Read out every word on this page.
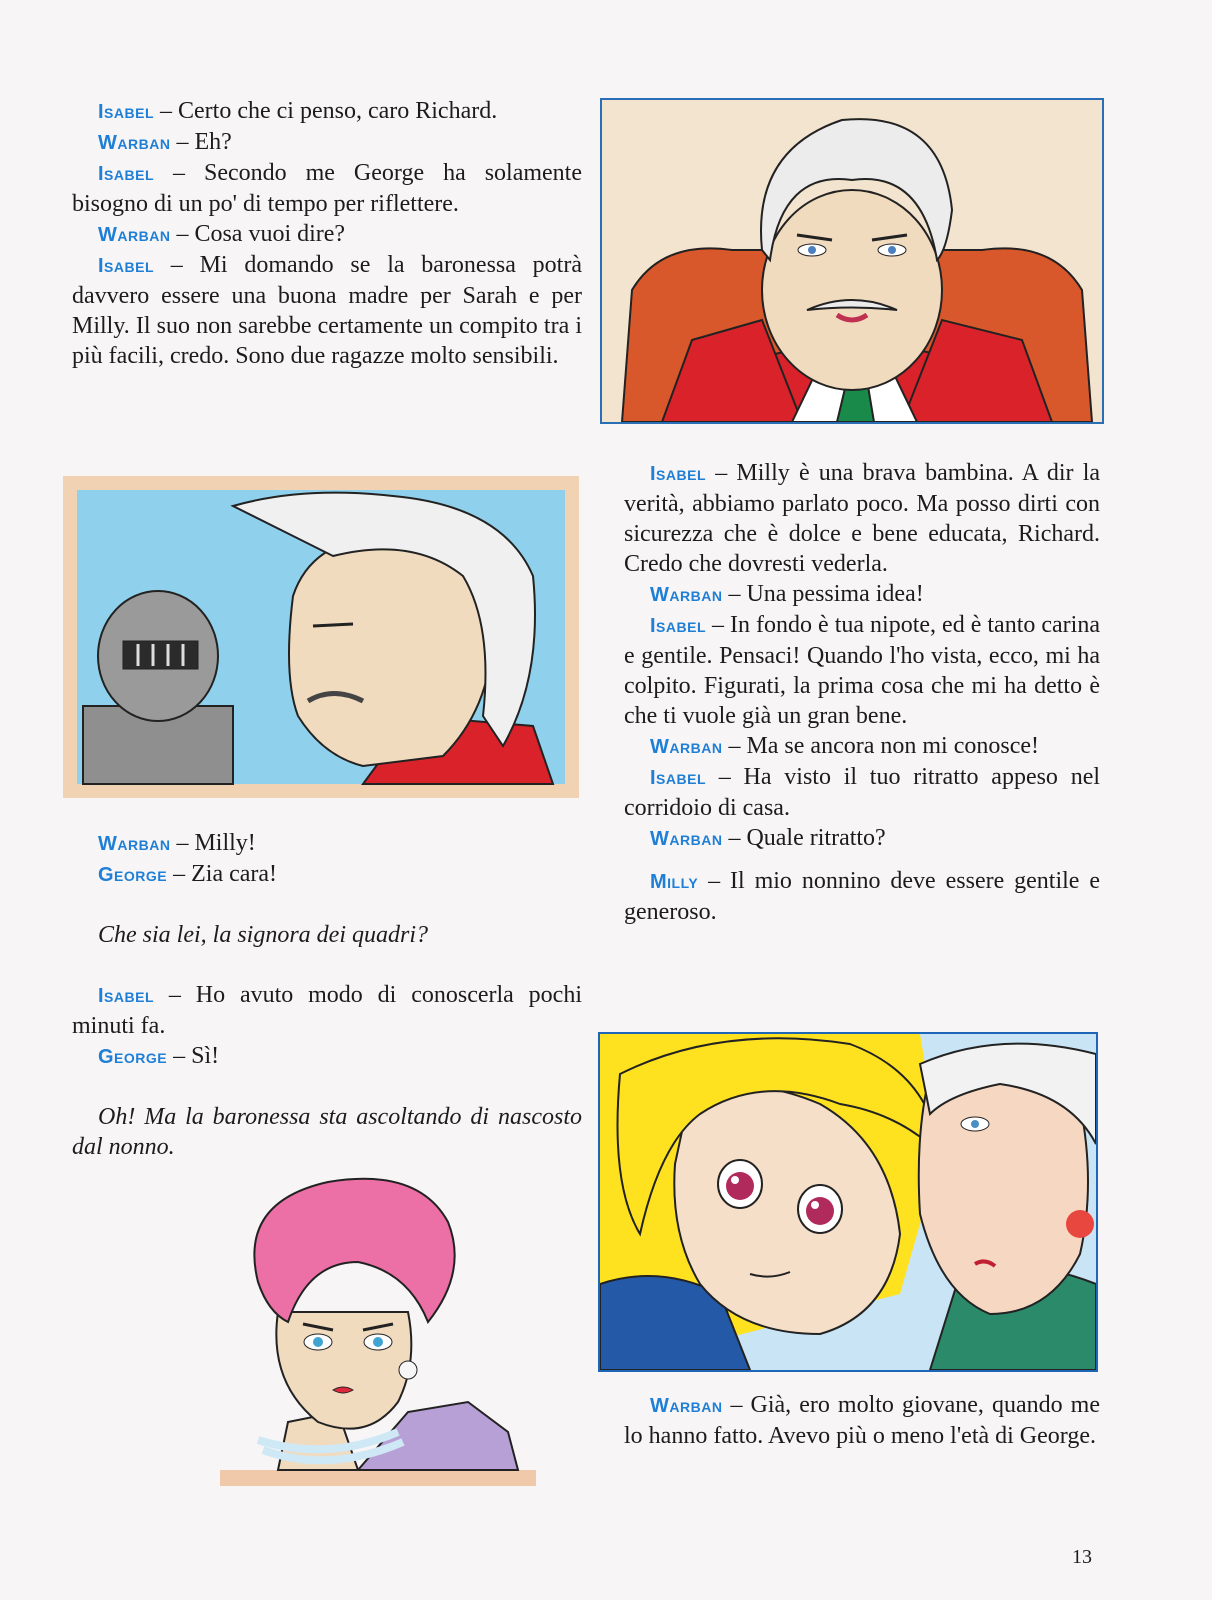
Isabel – Certo che ci penso, caro Richard.

Warban – Eh?

Isabel – Secondo me George ha solamente bisogno di un po' di tempo per riflettere.

Warban – Cosa vuoi dire?

Isabel – Mi domando se la baronessa potrà davvero essere una buona madre per Sarah e per Milly. Il suo non sarebbe certamente un compito tra i più facili, credo. Sono due ragazze molto sensibili.

Warban – Milly!

George – Zia cara!

Che sia lei, la signora dei quadri?

Isabel – Ho avuto modo di conoscerla pochi minuti fa.

George – Sì!

Oh! Ma la baronessa sta ascoltando di nascosto dal nonno.

Isabel – Milly è una brava bambina. A dir la verità, abbiamo parlato poco. Ma posso dirti con sicurezza che è dolce e bene educata, Richard. Credo che dovresti vederla.

Warban – Una pessima idea!

Isabel – In fondo è tua nipote, ed è tanto carina e gentile. Pensaci! Quando l'ho vista, ecco, mi ha colpito. Figurati, la prima cosa che mi ha detto è che ti vuole già un gran bene.

Warban – Ma se ancora non mi conosce!

Isabel – Ha visto il tuo ritratto appeso nel corridoio di casa.

Warban – Quale ritratto?

Milly – Il mio nonnino deve essere gentile e generoso.

Warban – Già, ero molto giovane, quando me lo hanno fatto. Avevo più o meno l'età di George.

13
